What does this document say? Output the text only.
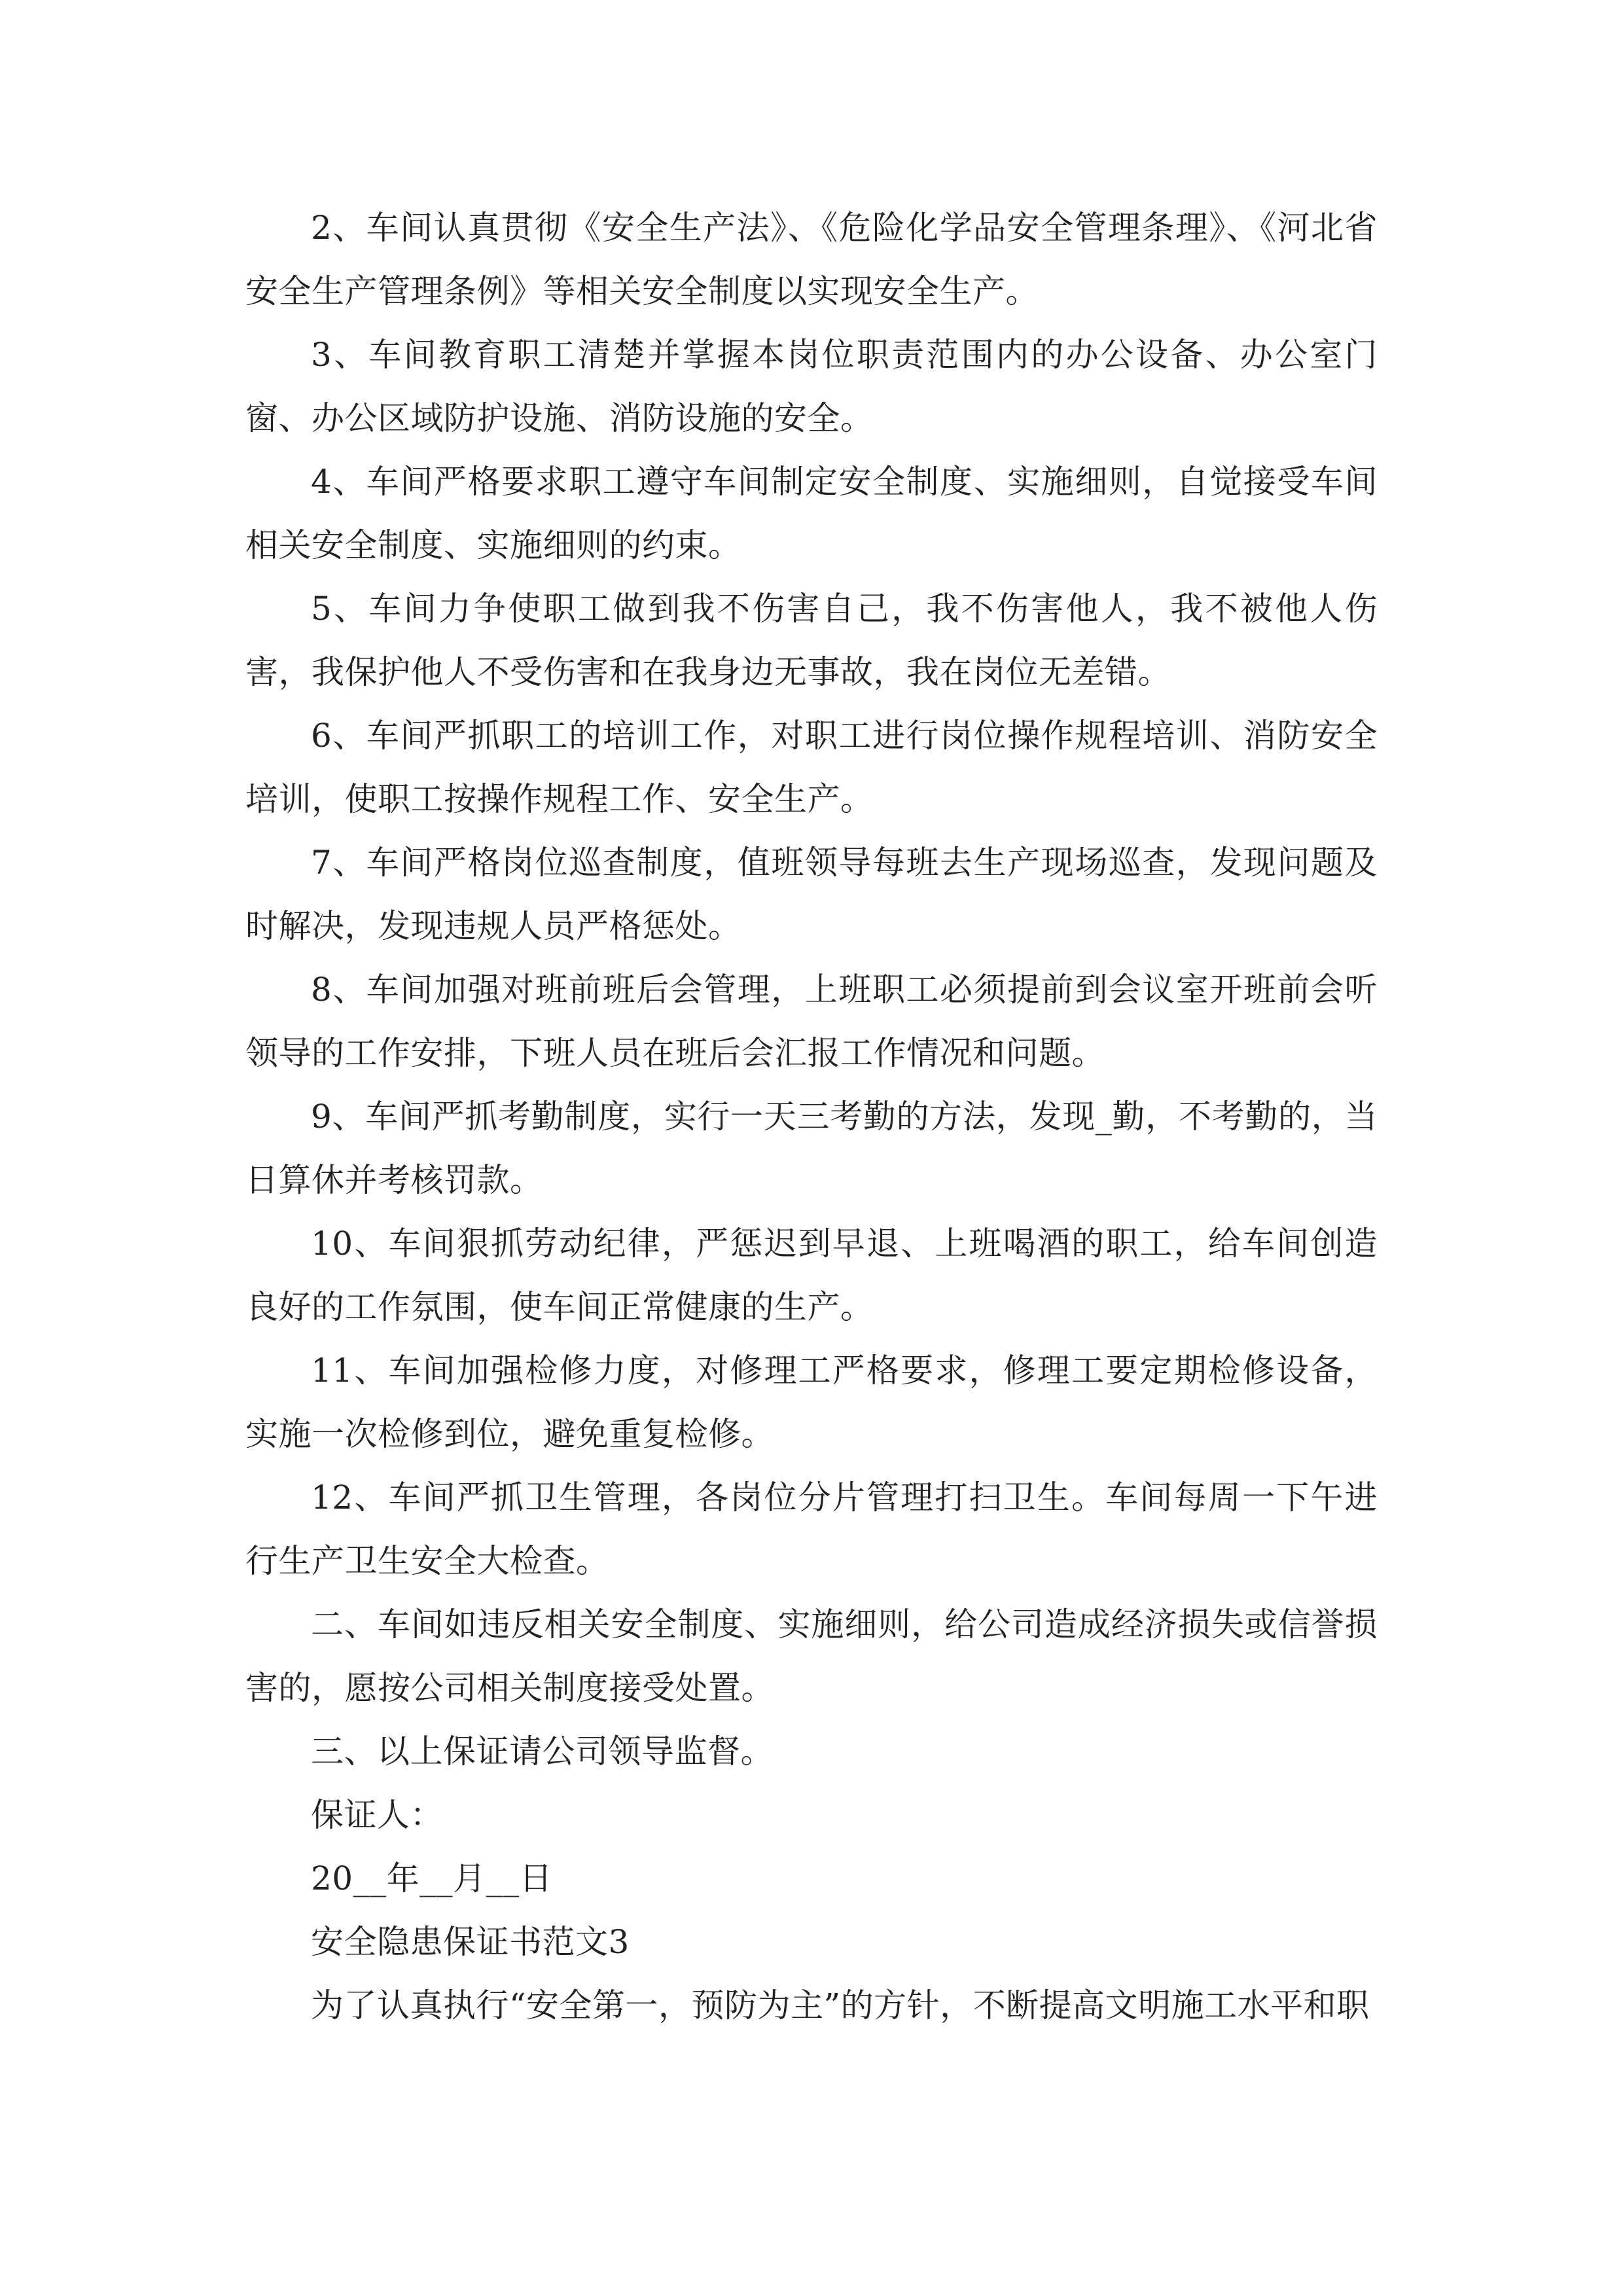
2、车间认真贯彻《安全生产法》、《危险化学品安全管理条理》、《河北省安全生产管理条例》等相关安全制度以实现安全生产。

3、车间教育职工清楚并掌握本岗位职责范围内的办公设备、办公室门窗、办公区域防护设施、消防设施的安全。

4、车间严格要求职工遵守车间制定安全制度、实施细则，自觉接受车间相关安全制度、实施细则的约束。

5、车间力争使职工做到我不伤害自己，我不伤害他人，我不被他人伤害，我保护他人不受伤害和在我身边无事故，我在岗位无差错。

6、车间严抓职工的培训工作，对职工进行岗位操作规程培训、消防安全培训，使职工按操作规程工作、安全生产。

7、车间严格岗位巡查制度，值班领导每班去生产现场巡查，发现问题及时解决，发现违规人员严格惩处。

8、车间加强对班前班后会管理，上班职工必须提前到会议室开班前会听领导的工作安排，下班人员在班后会汇报工作情况和问题。

9、车间严抓考勤制度，实行一天三考勤的方法，发现_勤，不考勤的，当日算休并考核罚款。

10、车间狠抓劳动纪律，严惩迟到早退、上班喝酒的职工，给车间创造良好的工作氛围，使车间正常健康的生产。

11、车间加强检修力度，对修理工严格要求，修理工要定期检修设备，实施一次检修到位，避免重复检修。

12、车间严抓卫生管理，各岗位分片管理打扫卫生。车间每周一下午进行生产卫生安全大检查。

二、车间如违反相关安全制度、实施细则，给公司造成经济损失或信誉损害的，愿按公司相关制度接受处置。

三、以上保证请公司领导监督。

保证人：

20__年__月__日

安全隐患保证书范文3

为了认真执行“安全第一，预防为主”的方针，不断提高文明施工水平和职
